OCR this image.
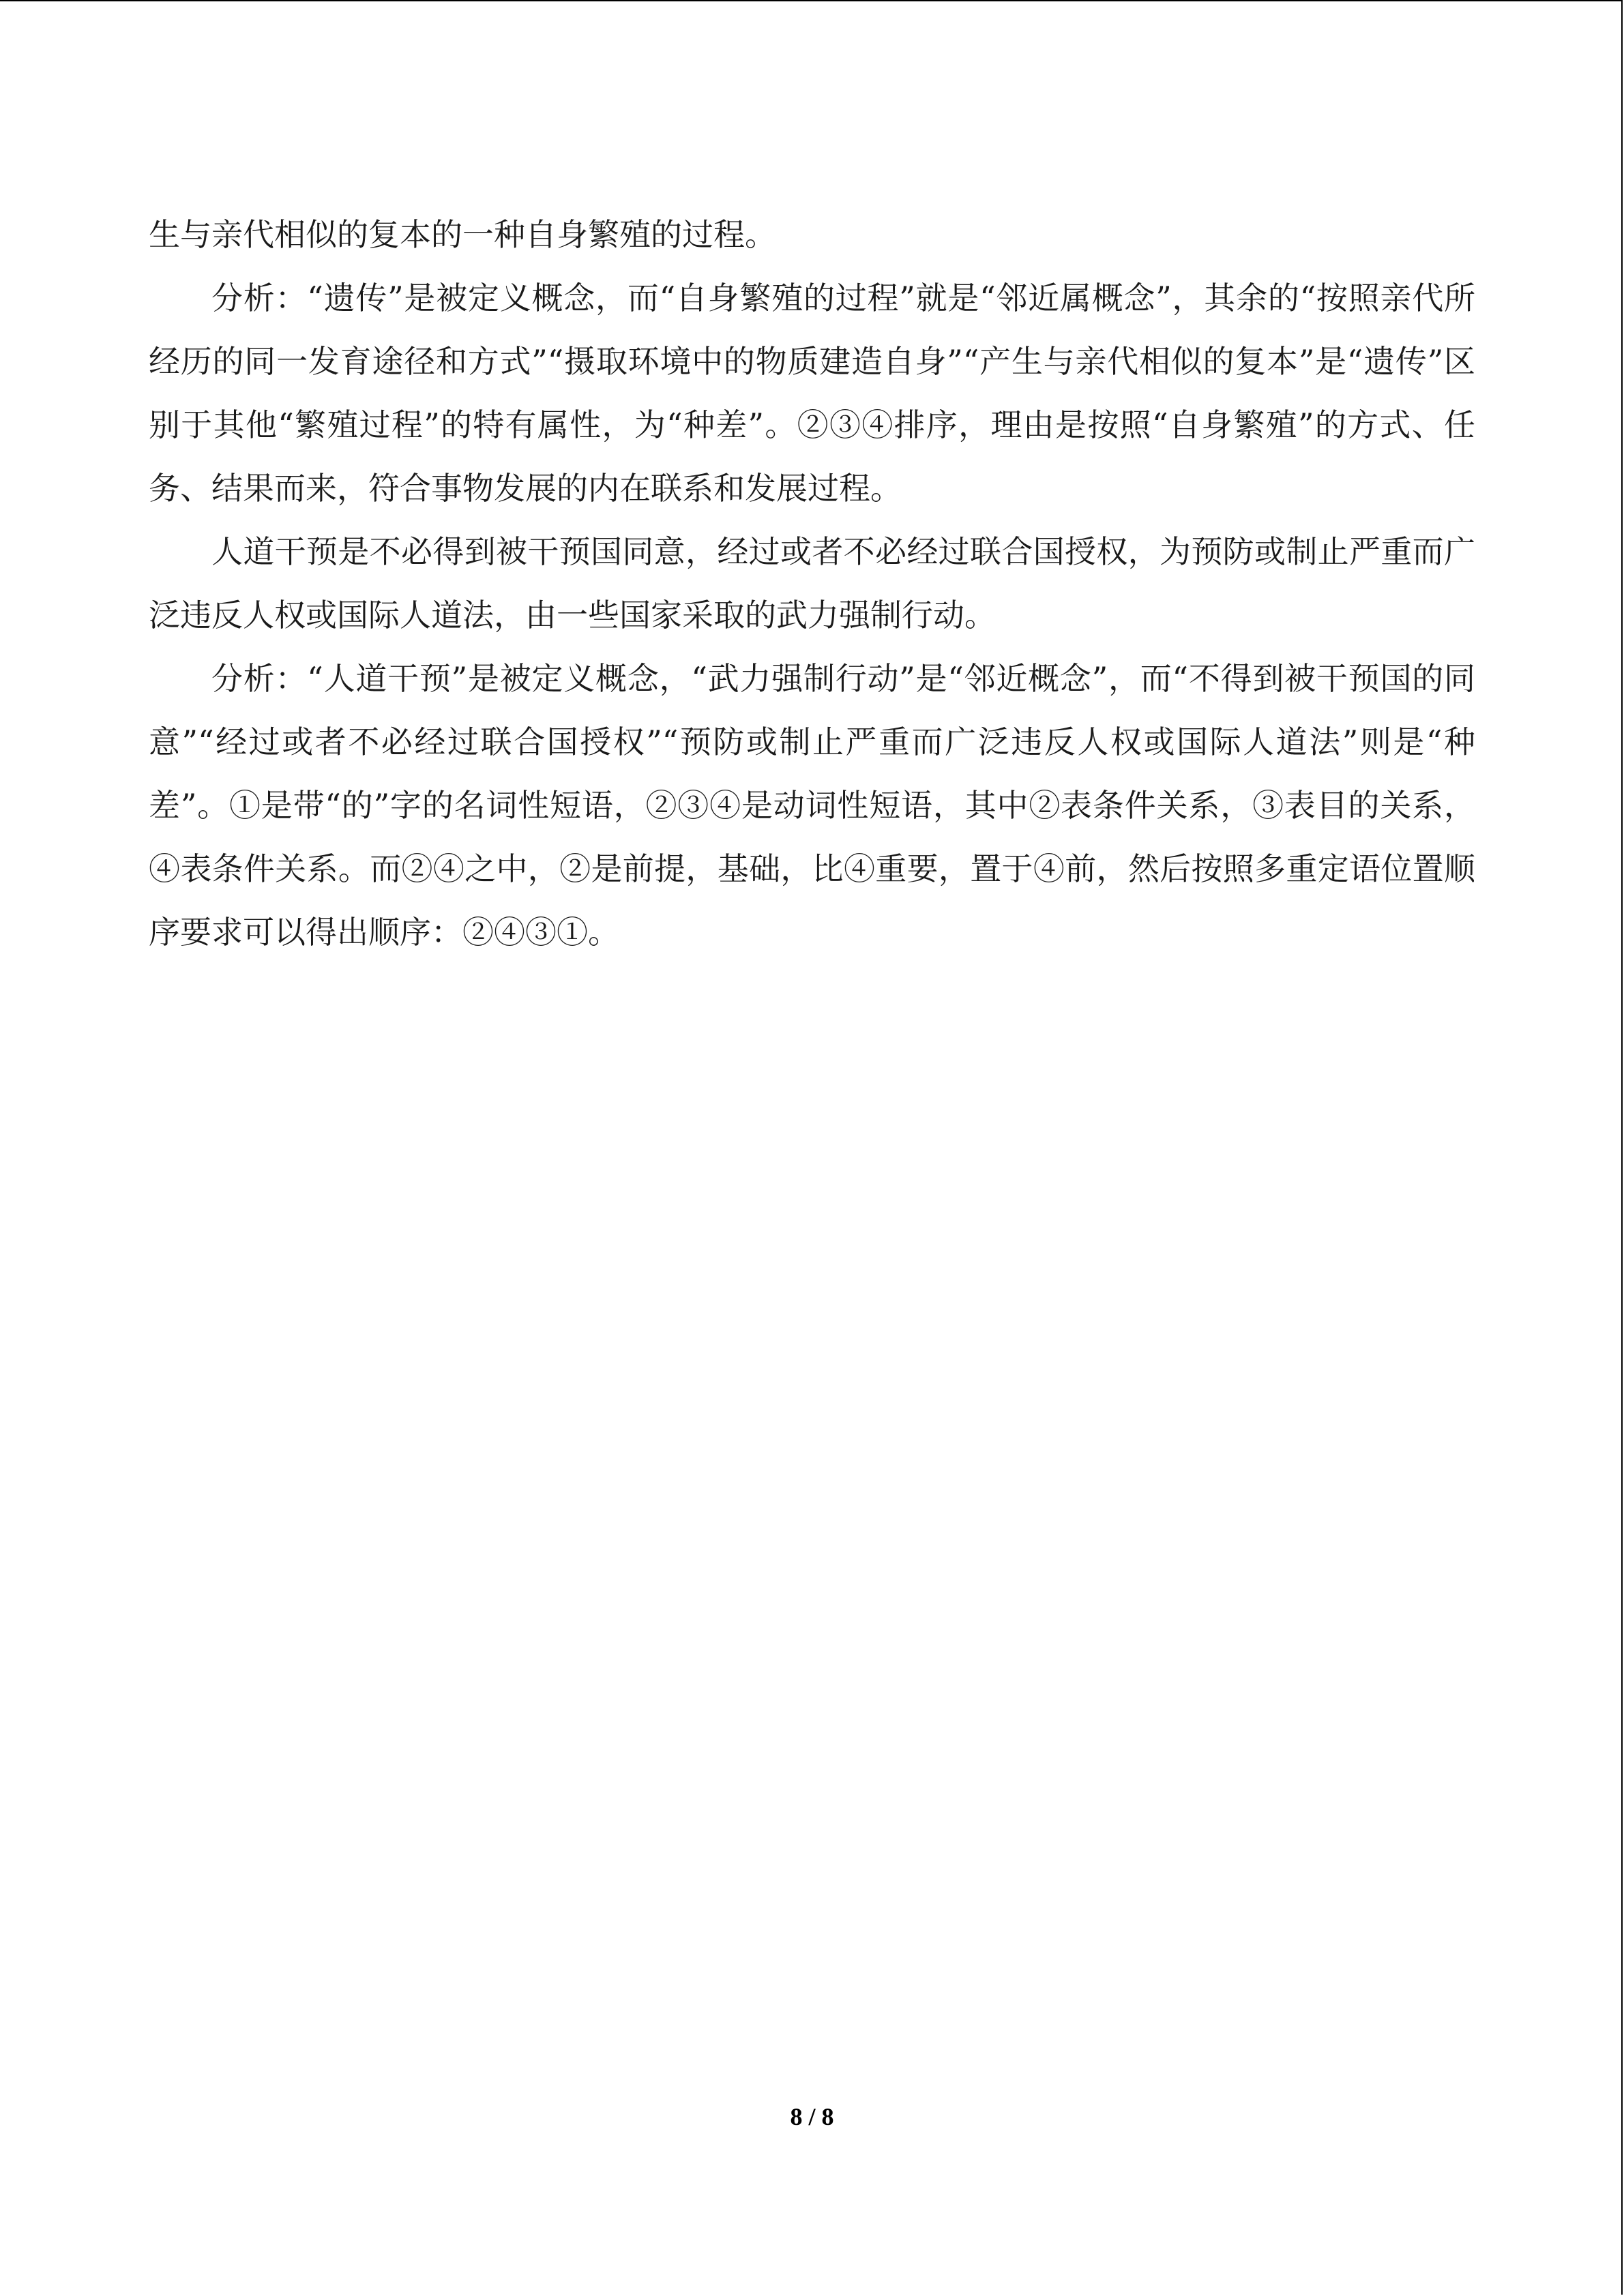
生与亲代相似的复本的一种自身繁殖的过程。

分析：“遗传”是被定义概念，而“自身繁殖的过程”就是“邻近属概念”，其余的“按照亲代所经历的同一发育途径和方式”“摄取环境中的物质建造自身”“产生与亲代相似的复本”是“遗传”区别于其他“繁殖过程”的特有属性，为“种差”。②③④排序，理由是按照“自身繁殖”的方式、任务、结果而来，符合事物发展的内在联系和发展过程。

人道干预是不必得到被干预国同意，经过或者不必经过联合国授权，为预防或制止严重而广泛违反人权或国际人道法，由一些国家采取的武力强制行动。

分析：“人道干预”是被定义概念，“武力强制行动”是“邻近概念”，而“不得到被干预国的同意”“经过或者不必经过联合国授权”“预防或制止严重而广泛违反人权或国际人道法”则是“种差”。①是带“的”字的名词性短语，②③④是动词性短语，其中②表条件关系，③表目的关系，④表条件关系。而②④之中，②是前提，基础，比④重要，置于④前，然后按照多重定语位置顺序要求可以得出顺序：②④③①。

8 / 8
